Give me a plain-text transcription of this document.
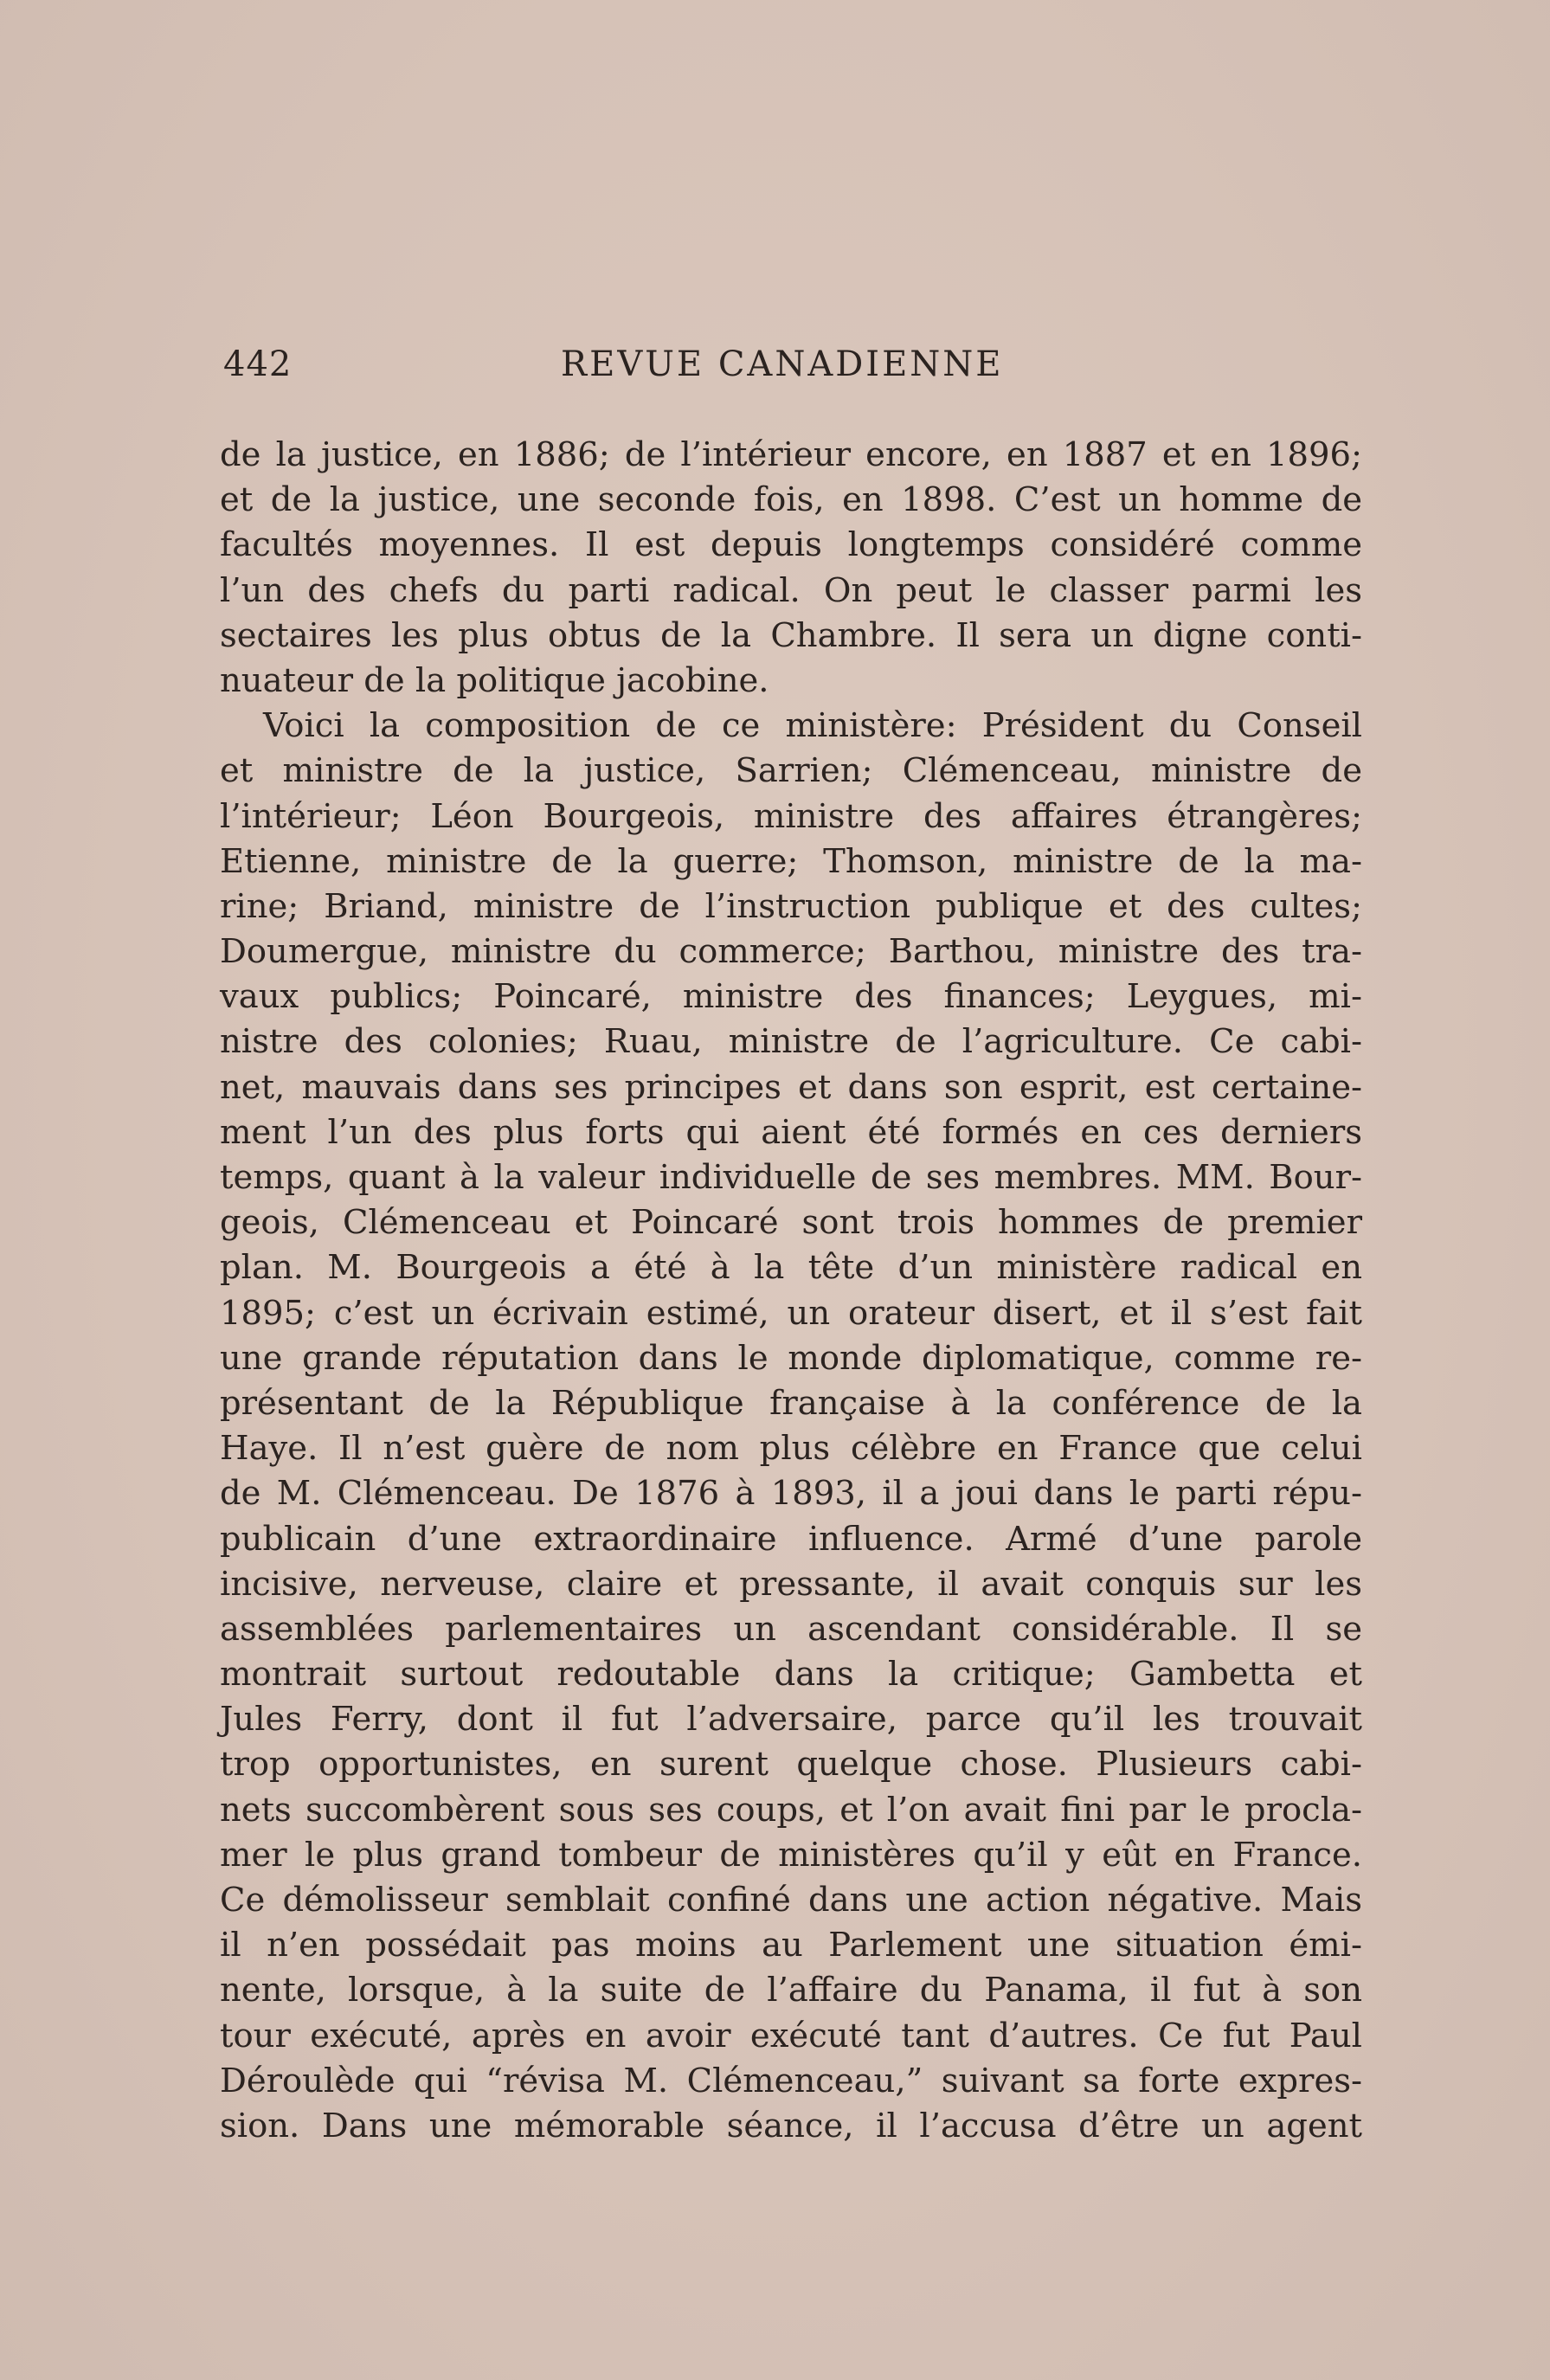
442	REVUE CANADIENNE
de la justice, en 1886; de l’intérieur encore, en 1887 et en 1896;
et de la justice, une seconde fois, en 1898. C’est un homme de
facultés moyennes. Il est depuis longtemps considéré comme
l’un des chefs du parti radical. On peut le classer parmi les
sectaires les plus obtus de la Chambre. Il sera un digne conti-
nuateur de la politique jacobine.
Voici la composition de ce ministère: Président du Conseil
et ministre de la justice, Sarrien; Clémenceau, ministre de
l’intérieur; Léon Bourgeois, ministre des affaires étrangères;
Etienne, ministre de la guerre; Thomson, ministre de la ma-
rine; Briand, ministre de l’instruction publique et des cultes;
Doumergue, ministre du commerce; Barthou, ministre des tra-
vaux publics; Poincaré, ministre des finances; Leygues, mi-
nistre des colonies; Ruau, ministre de l’agriculture. Ce cabi-
net, mauvais dans ses principes et dans son esprit, est certaine-
ment l’un des plus forts qui aient été formés en ces derniers
temps, quant à la valeur individuelle de ses membres. MM. Bour-
geois, Clémenceau et Poincaré sont trois hommes de premier
plan. M. Bourgeois a été à la tête d’un ministère radical en
1895; c’est un écrivain estimé, un orateur disert, et il s’est fait
une grande réputation dans le monde diplomatique, comme re-
présentant de la République française à la conférence de la
Haye. Il n’est guère de nom plus célèbre en France que celui
de M. Clémenceau. De 1876 à 1893, il a joui dans le parti répu-
publicain d’une extraordinaire influence. Armé d’une parole
incisive, nerveuse, claire et pressante, il avait conquis sur les
assemblées parlementaires un ascendant considérable. Il se
montrait surtout redoutable dans la critique; Gambetta et
Jules Ferry, dont il fut l’adversaire, parce qu’il les trouvait
trop opportunistes, en surent quelque chose. Plusieurs cabi-
nets succombèrent sous ses coups, et l’on avait fini par le procla-
mer le plus grand tombeur de ministères qu’il y eût en France.
Ce démolisseur semblait confiné dans une action négative. Mais
il n’en possédait pas moins au Parlement une situation émi-
nente, lorsque, à la suite de l’affaire du Panama, il fut à son
tour exécuté, après en avoir exécuté tant d’autres. Ce fut Paul
Déroulède qui “révisa M. Clémenceau,” suivant sa forte expres-
sion. Dans une mémorable séance, il l’accusa d’être un agent
